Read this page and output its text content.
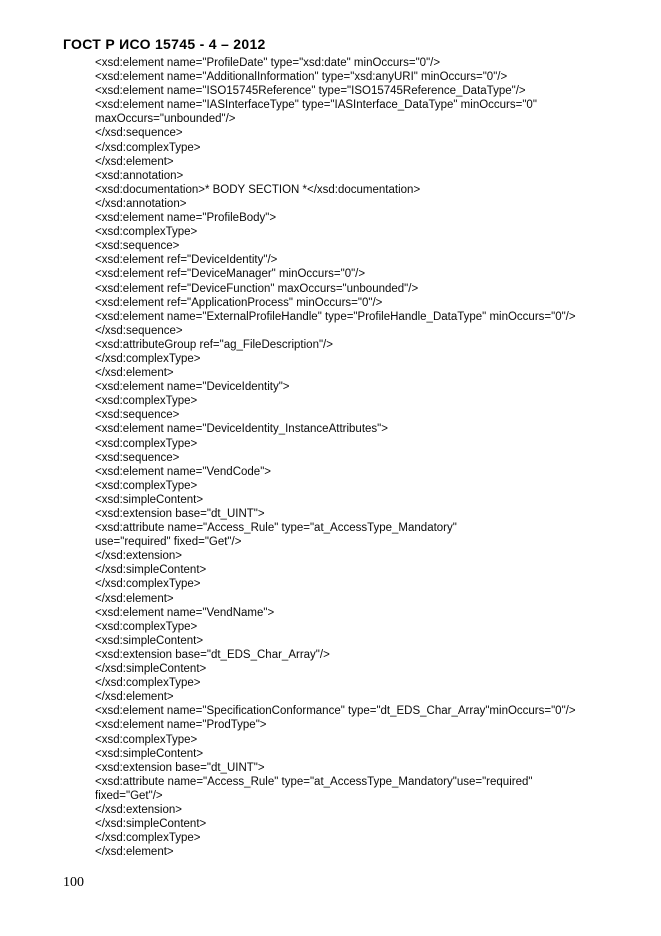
ГОСТ Р ИСО 15745 - 4 – 2012
<xsd:element name="ProfileDate" type="xsd:date" minOccurs="0"/>
<xsd:element name="AdditionalInformation" type="xsd:anyURI" minOccurs="0"/>
<xsd:element name="ISO15745Reference" type="ISO15745Reference_DataType"/>
<xsd:element name="IASInterfaceType" type="IASInterface_DataType" minOccurs="0"
maxOccurs="unbounded"/>
</xsd:sequence>
</xsd:complexType>
</xsd:element>
<xsd:annotation>
<xsd:documentation>* BODY SECTION *</xsd:documentation>
</xsd:annotation>
<xsd:element name="ProfileBody">
<xsd:complexType>
<xsd:sequence>
<xsd:element ref="DeviceIdentity"/>
<xsd:element ref="DeviceManager" minOccurs="0"/>
<xsd:element ref="DeviceFunction" maxOccurs="unbounded"/>
<xsd:element ref="ApplicationProcess" minOccurs="0"/>
<xsd:element name="ExternalProfileHandle" type="ProfileHandle_DataType" minOccurs="0"/>
</xsd:sequence>
<xsd:attributeGroup ref="ag_FileDescription"/>
</xsd:complexType>
</xsd:element>
<xsd:element name="DeviceIdentity">
<xsd:complexType>
<xsd:sequence>
<xsd:element name="DeviceIdentity_InstanceAttributes">
<xsd:complexType>
<xsd:sequence>
<xsd:element name="VendCode">
<xsd:complexType>
<xsd:simpleContent>
<xsd:extension base="dt_UINT">
<xsd:attribute name="Access_Rule" type="at_AccessType_Mandatory"
use="required" fixed="Get"/>
</xsd:extension>
</xsd:simpleContent>
</xsd:complexType>
</xsd:element>
<xsd:element name="VendName">
<xsd:complexType>
<xsd:simpleContent>
<xsd:extension base="dt_EDS_Char_Array"/>
</xsd:simpleContent>
</xsd:complexType>
</xsd:element>
<xsd:element name="SpecificationConformance" type="dt_EDS_Char_Array"minOccurs="0"/>
<xsd:element name="ProdType">
<xsd:complexType>
<xsd:simpleContent>
<xsd:extension base="dt_UINT">
<xsd:attribute name="Access_Rule" type="at_AccessType_Mandatory"use="required"
fixed="Get"/>
</xsd:extension>
</xsd:simpleContent>
</xsd:complexType>
</xsd:element>
100
